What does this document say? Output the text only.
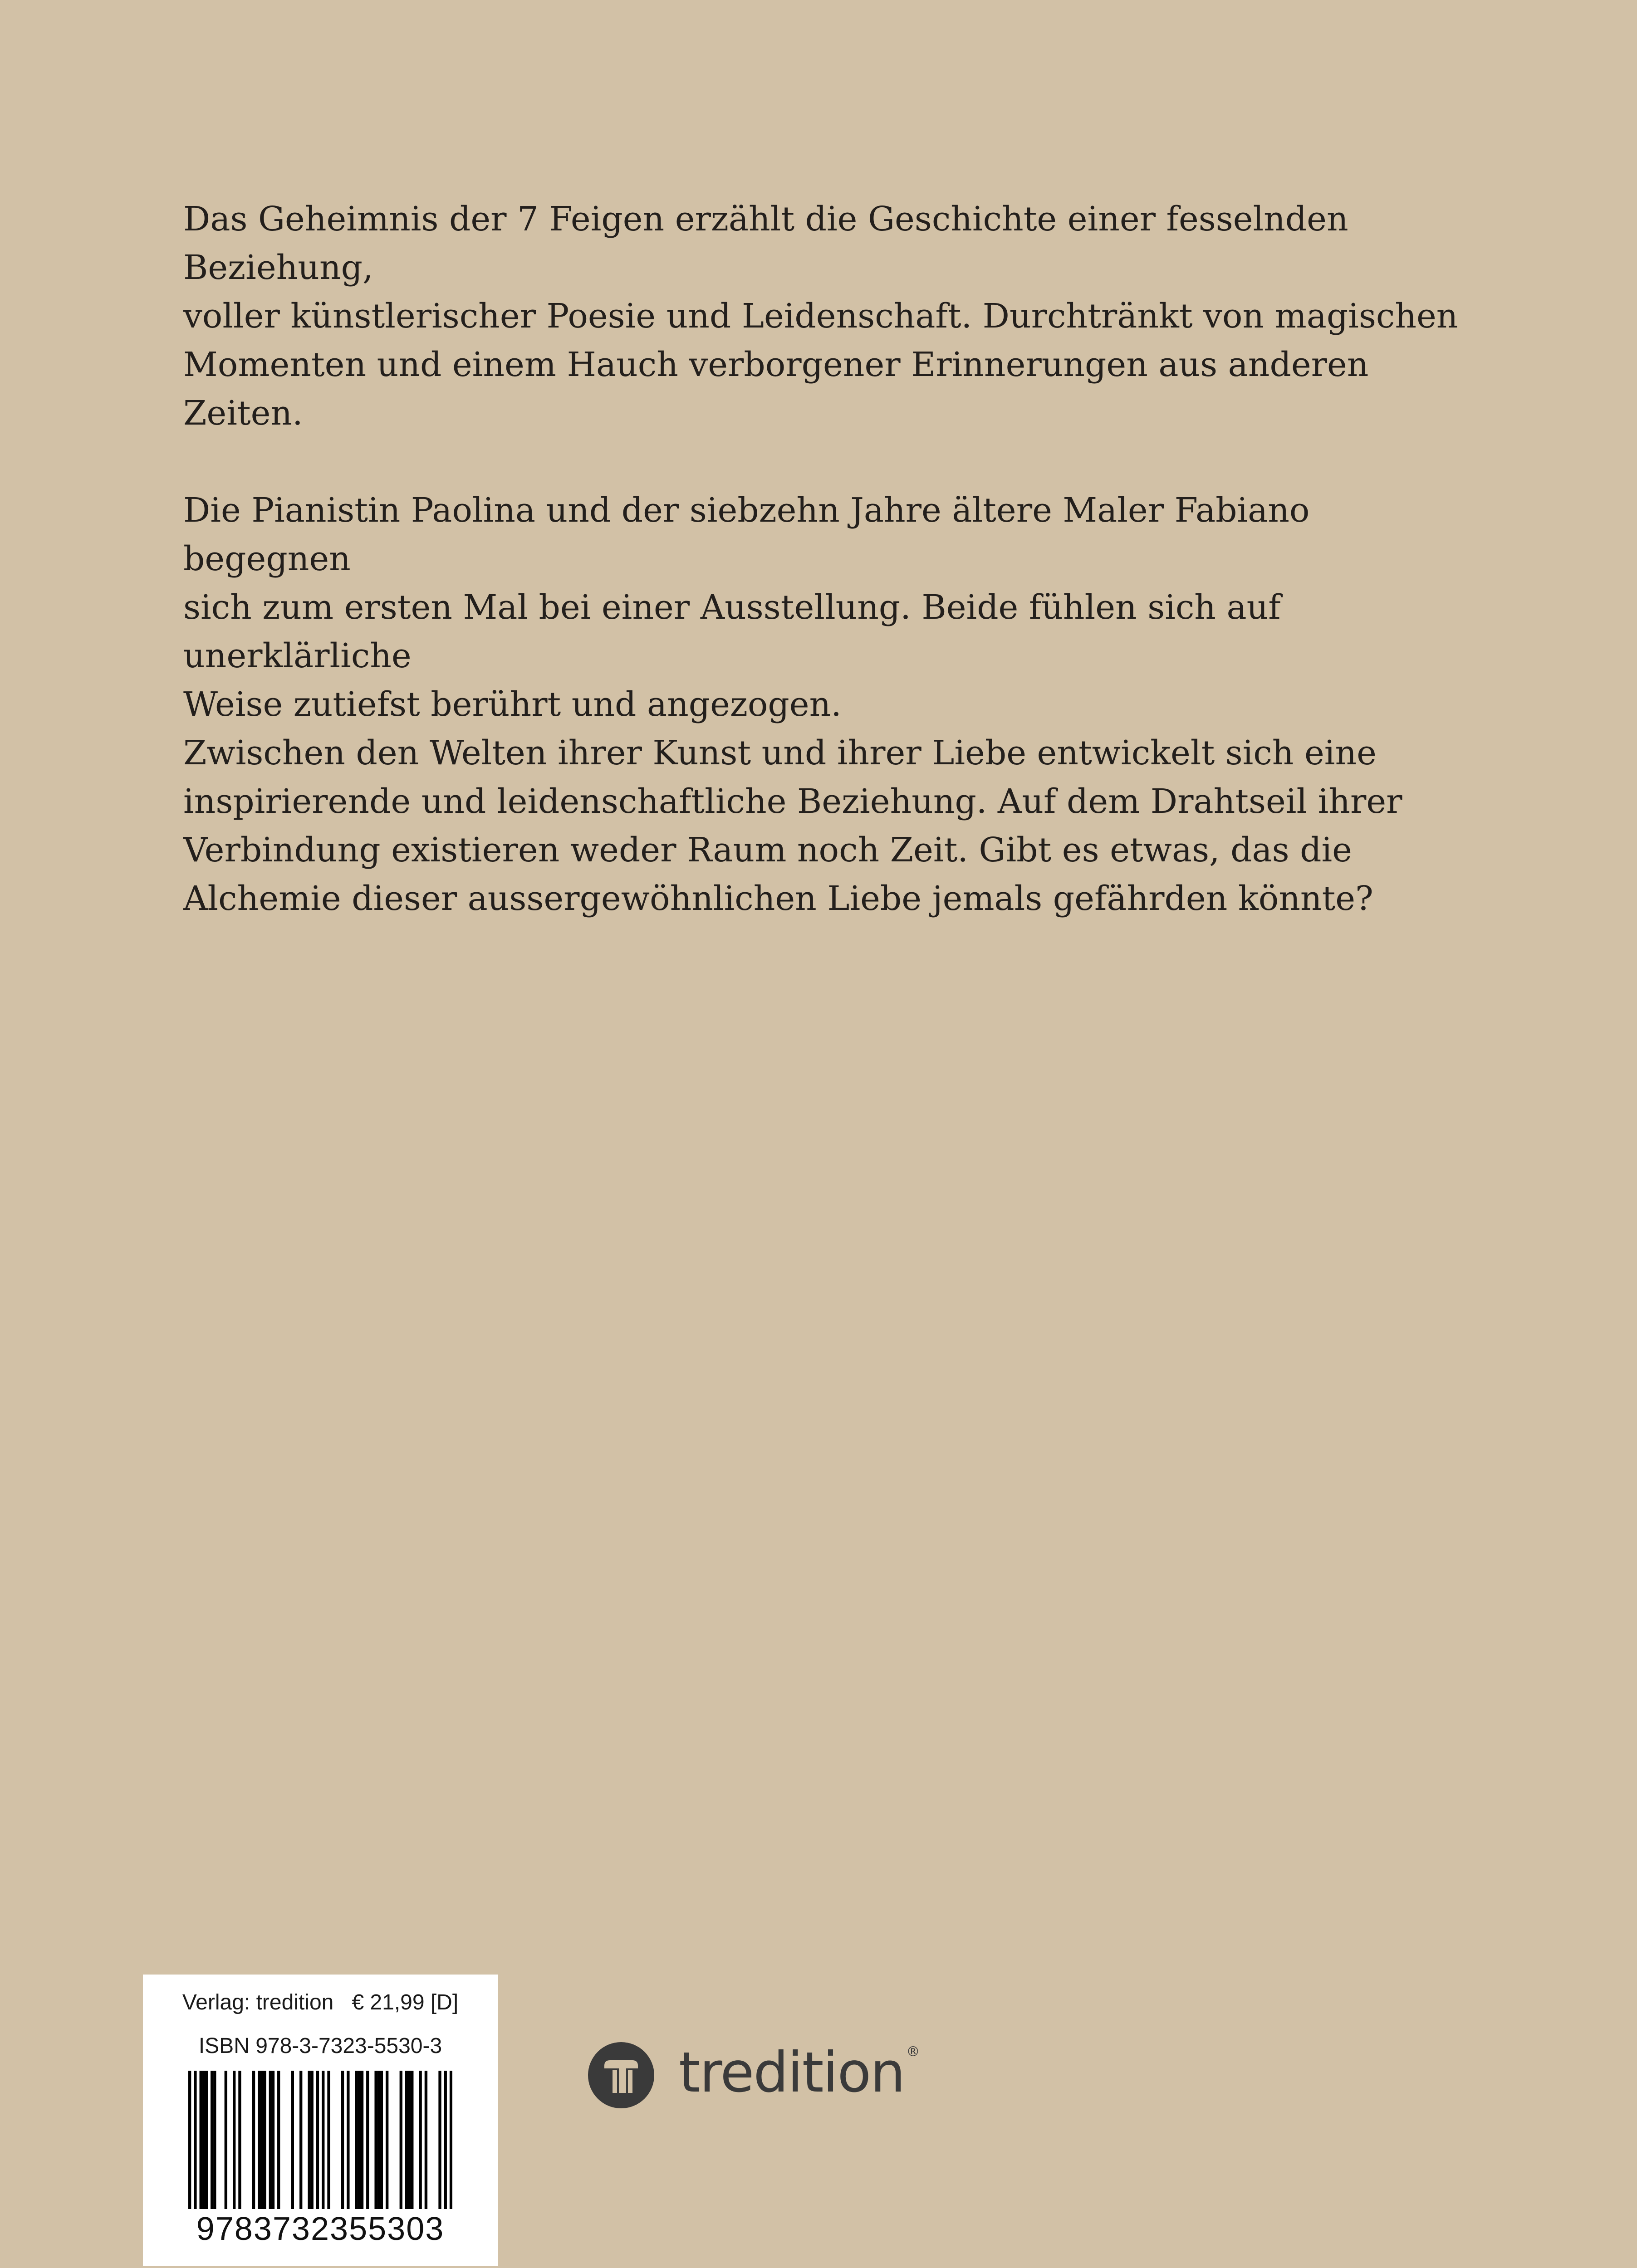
Das Geheimnis der 7 Feigen erzählt die Geschichte einer fesselnden Beziehung,
voller künstlerischer Poesie und Leidenschaft. Durchtränkt von magischen
Momenten und einem Hauch verborgener Erinnerungen aus anderen Zeiten.

Die Pianistin Paolina und der siebzehn Jahre ältere Maler Fabiano begegnen
sich zum ersten Mal bei einer Ausstellung. Beide fühlen sich auf unerklärliche
Weise zutiefst berührt und angezogen.

Zwischen den Welten ihrer Kunst und ihrer Liebe entwickelt sich eine
inspirierende und leidenschaftliche Beziehung. Auf dem Drahtseil ihrer
Verbindung existieren weder Raum noch Zeit. Gibt es etwas, das die
Alchemie dieser aussergewöhnlichen Liebe jemals gefährden könnte?

Verlag: tredition   € 21,99 [D]
ISBN 978-3-7323-5530-3
9783732355303
tredition ®
